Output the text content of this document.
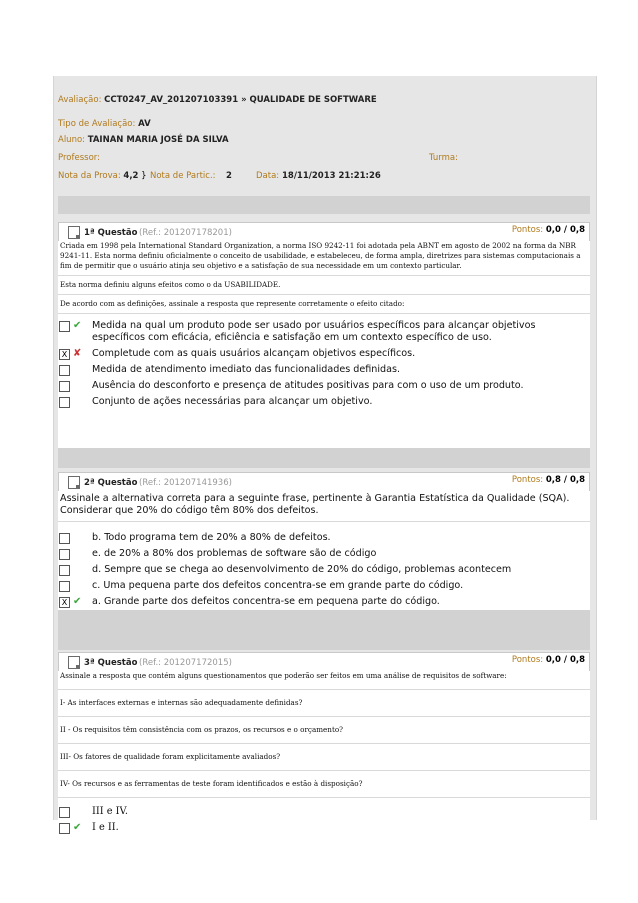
Avaliação: CCT0247_AV_201207103391 » QUALIDADE DE SOFTWARE
Tipo de Avaliação: AV
Aluno: TAINAN MARIA JOSÉ DA SILVA
Professor:	Turma:
Nota da Prova: 4,2 Nota de Partic.: 2	Data: 18/11/2013 21:21:26
}
1ª Questão (Ref.: 201207178201)	Pontos: 0,0 / 0,8
Criada em 1998 pela International Standard Organization, a norma ISO 9242-11 foi adotada pela ABNT em agosto de 2002 na forma da NBR 9241-11. Esta norma definiu oficialmente o conceito de usabilidade, e estabeleceu, de forma ampla, diretrizes para sistemas computacionais a fim de permitir que o usuário atinja seu objetivo e a satisfação de sua necessidade em um contexto particular.
Esta norma definiu alguns efeitos como o da USABILIDADE.
De acordo com as definições, assinale a resposta que represente corretamente o efeito citado:
✔ Medida na qual um produto pode ser usado por usuários específicos para alcançar objetivos específicos com eficácia, eficiência e satisfação em um contexto específico de uso.
X ✘ Completude com as quais usuários alcançam objetivos específicos.
Medida de atendimento imediato das funcionalidades definidas.
Ausência do desconforto e presença de atitudes positivas para com o uso de um produto.
Conjunto de ações necessárias para alcançar um objetivo.
2ª Questão (Ref.: 201207141936)	Pontos: 0,8 / 0,8
Assinale a alternativa correta para a seguinte frase, pertinente à Garantia Estatística da Qualidade (SQA). Considerar que 20% do código têm 80% dos defeitos.
b. Todo programa tem de 20% a 80% de defeitos.
e. de 20% a 80% dos problemas de software são de código
d. Sempre que se chega ao desenvolvimento de 20% do código, problemas acontecem
c. Uma pequena parte dos defeitos concentra-se em grande parte do código.
X ✔ a. Grande parte dos defeitos concentra-se em pequena parte do código.
3ª Questão (Ref.: 201207172015)	Pontos: 0,0 / 0,8
Assinale a resposta que contém alguns questionamentos que poderão ser feitos em uma análise de requisitos de software:
I- As interfaces externas e internas são adequadamente definidas?
II - Os requisitos têm consistência com os prazos, os recursos e o orçamento?
III- Os fatores de qualidade foram explicitamente avaliados?
IV- Os recursos e as ferramentas de teste foram identificados e estão à disposição?
III e IV.
✔ I e II.
